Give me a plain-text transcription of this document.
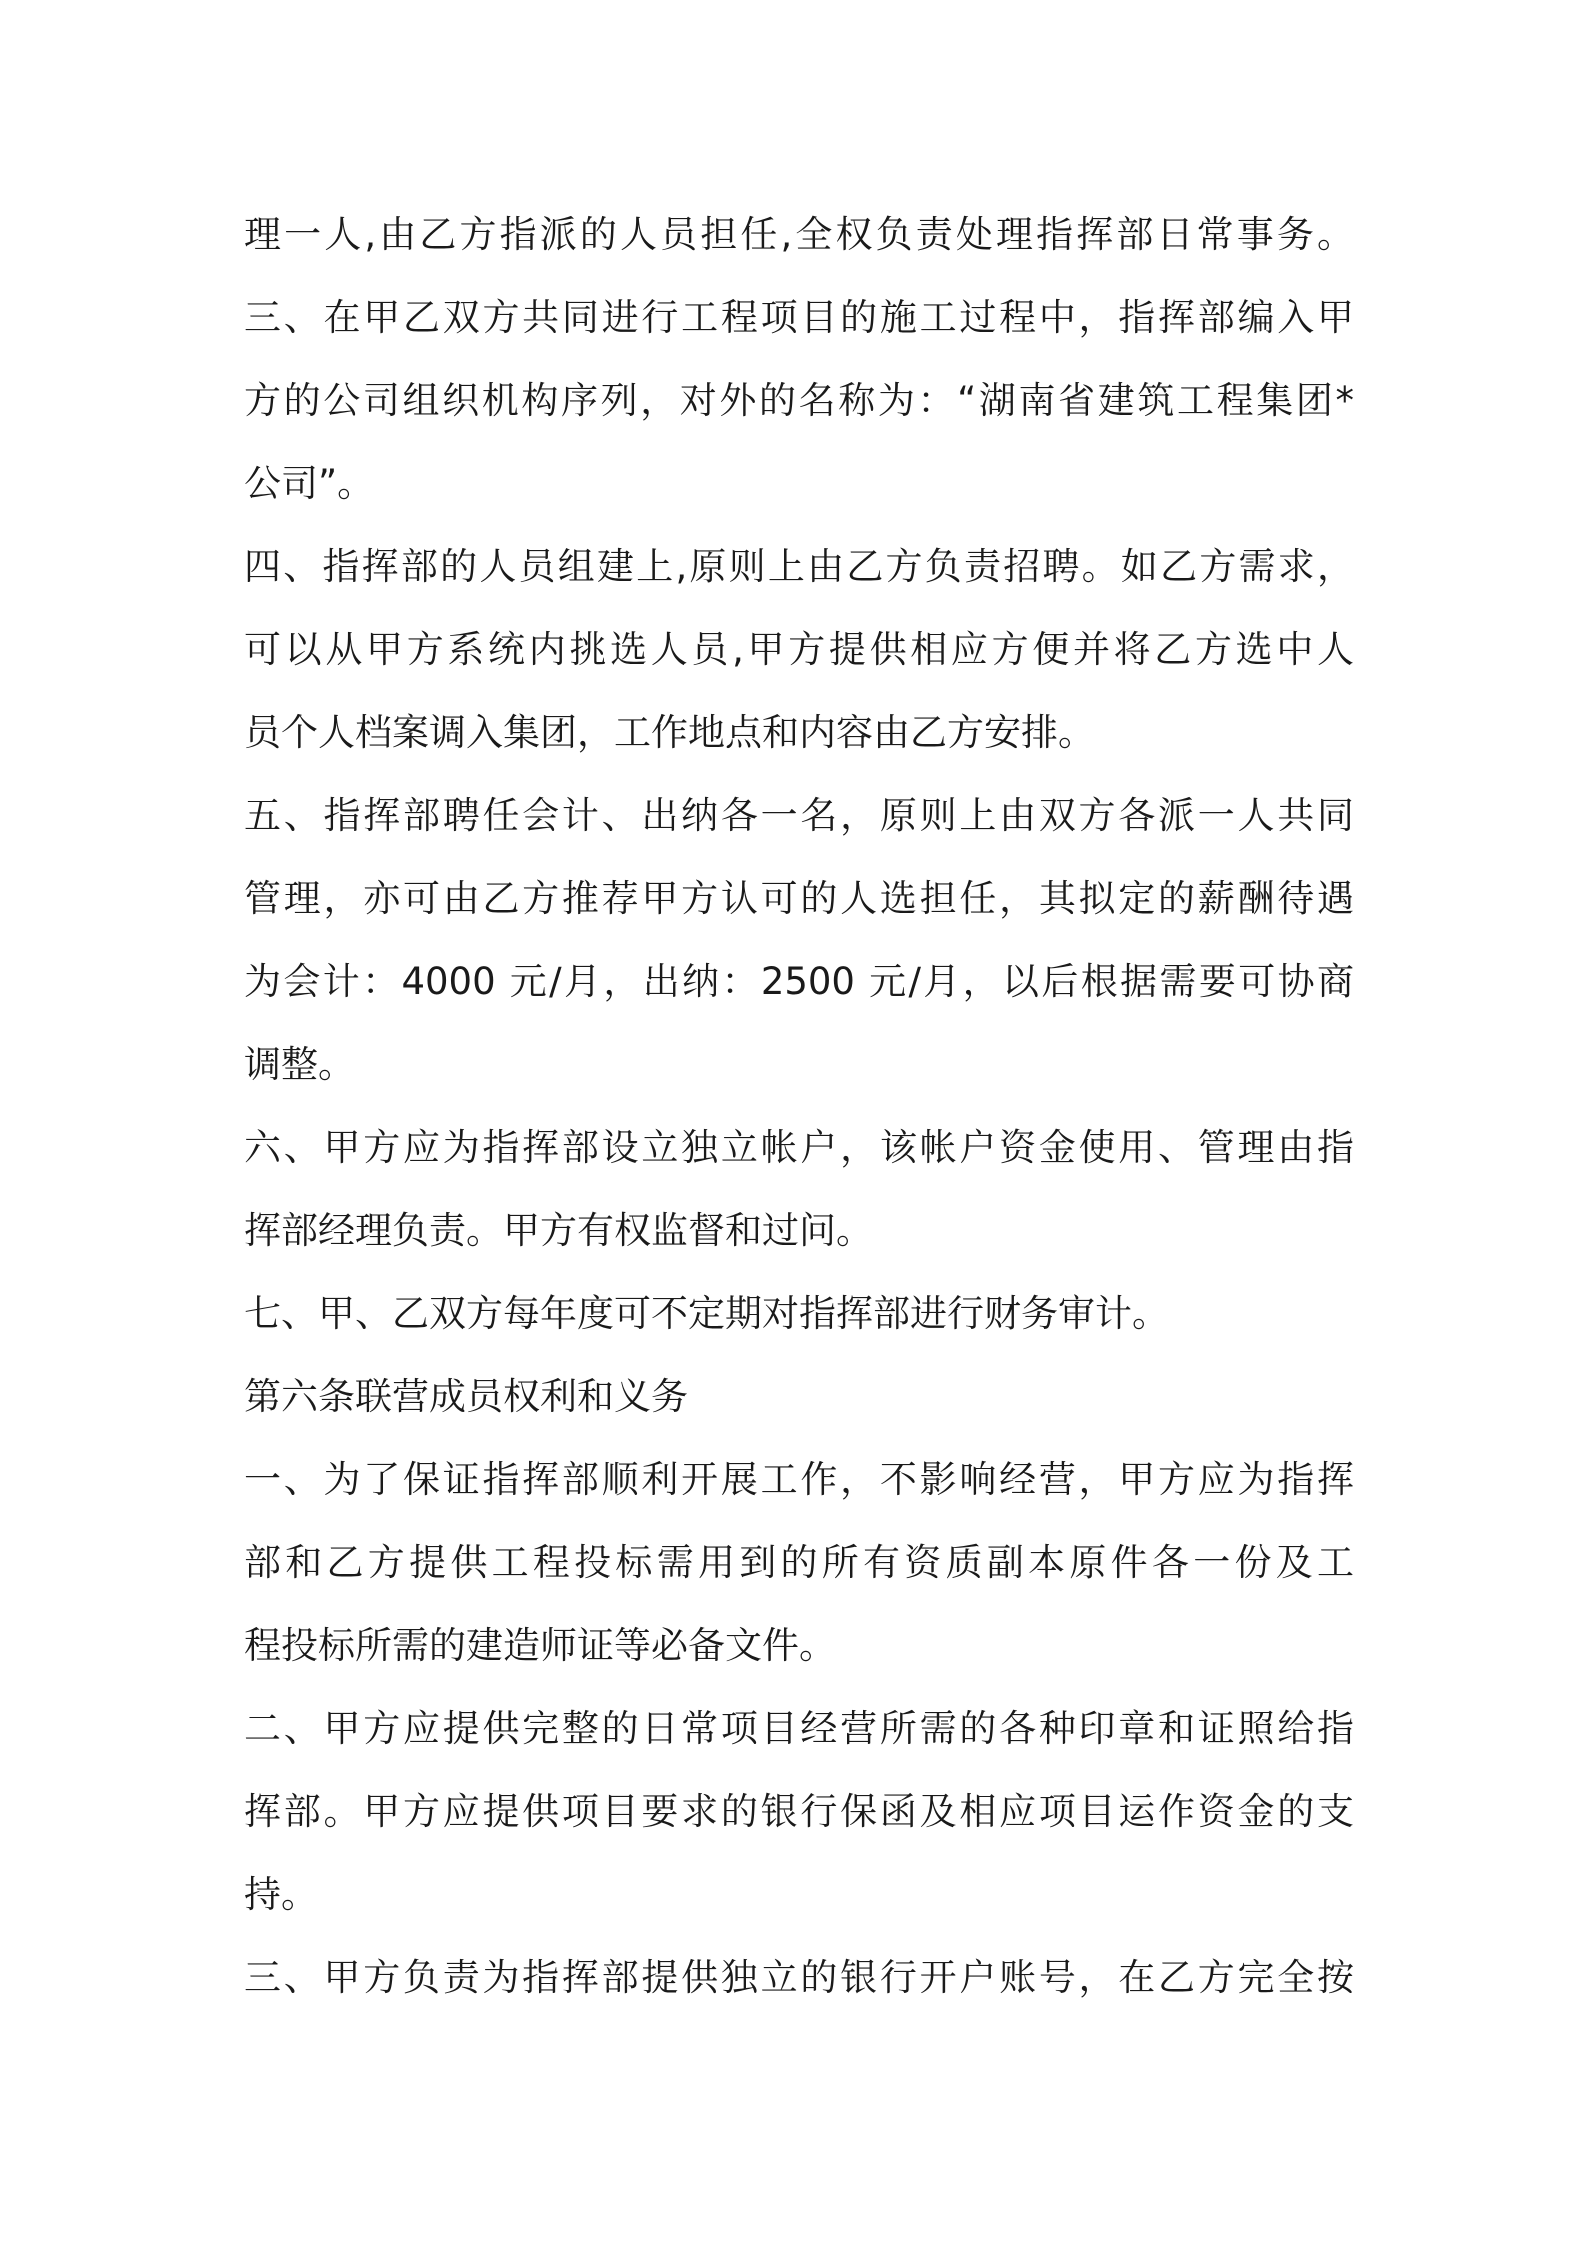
理一人,由乙方指派的人员担任,全权负责处理指挥部日常事务。
三、在甲乙双方共同进行工程项目的施工过程中，指挥部编入甲
方的公司组织机构序列，对外的名称为：“湖南省建筑工程集团*
公司”。
四、指挥部的人员组建上,原则上由乙方负责招聘。如乙方需求，
可以从甲方系统内挑选人员,甲方提供相应方便并将乙方选中人
员个人档案调入集团，工作地点和内容由乙方安排。
五、指挥部聘任会计、出纳各一名，原则上由双方各派一人共同
管理，亦可由乙方推荐甲方认可的人选担任，其拟定的薪酬待遇
为会计：4000 元/月，出纳：2500 元/月，以后根据需要可协商
调整。
六、甲方应为指挥部设立独立帐户，该帐户资金使用、管理由指
挥部经理负责。甲方有权监督和过问。
七、甲、乙双方每年度可不定期对指挥部进行财务审计。
第六条联营成员权利和义务
一、为了保证指挥部顺利开展工作，不影响经营，甲方应为指挥
部和乙方提供工程投标需用到的所有资质副本原件各一份及工
程投标所需的建造师证等必备文件。
二、甲方应提供完整的日常项目经营所需的各种印章和证照给指
挥部。甲方应提供项目要求的银行保函及相应项目运作资金的支
持。
三、甲方负责为指挥部提供独立的银行开户账号，在乙方完全按
